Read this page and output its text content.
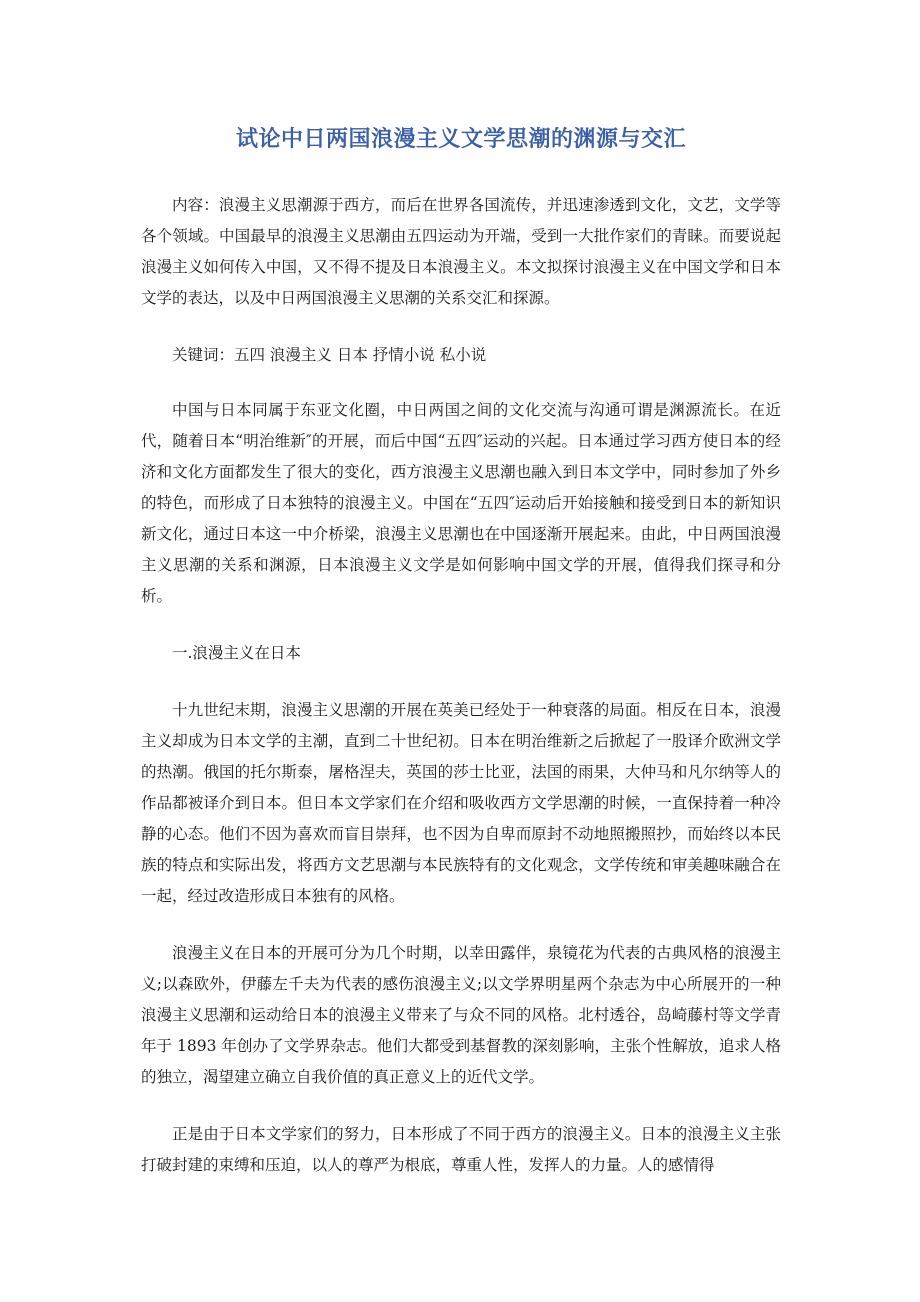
试论中日两国浪漫主义文学思潮的渊源与交汇

内容：浪漫主义思潮源于西方，而后在世界各国流传，并迅速渗透到文化，文艺，文学等各个领域。中国最早的浪漫主义思潮由五四运动为开端，受到一大批作家们的青睐。而要说起浪漫主义如何传入中国，又不得不提及日本浪漫主义。本文拟探讨浪漫主义在中国文学和日本文学的表达，以及中日两国浪漫主义思潮的关系交汇和探源。

关键词：五四 浪漫主义 日本 抒情小说 私小说

中国与日本同属于东亚文化圈，中日两国之间的文化交流与沟通可谓是渊源流长。在近代，随着日本“明治维新″的开展，而后中国“五四″运动的兴起。日本通过学习西方使日本的经济和文化方面都发生了很大的变化，西方浪漫主义思潮也融入到日本文学中，同时参加了外乡的特色，而形成了日本独特的浪漫主义。中国在“五四″运动后开始接触和接受到日本的新知识新文化，通过日本这一中介桥梁，浪漫主义思潮也在中国逐渐开展起来。由此，中日两国浪漫主义思潮的关系和渊源，日本浪漫主义文学是如何影响中国文学的开展，值得我们探寻和分析。

一.浪漫主义在日本

十九世纪末期，浪漫主义思潮的开展在英美已经处于一种衰落的局面。相反在日本，浪漫主义却成为日本文学的主潮，直到二十世纪初。日本在明治维新之后掀起了一股译介欧洲文学的热潮。俄国的托尔斯泰，屠格涅夫，英国的莎士比亚，法国的雨果，大仲马和凡尔纳等人的作品都被译介到日本。但日本文学家们在介绍和吸收西方文学思潮的时候，一直保持着一种冷静的心态。他们不因为喜欢而盲目崇拜，也不因为自卑而原封不动地照搬照抄，而始终以本民族的特点和实际出发，将西方文艺思潮与本民族特有的文化观念，文学传统和审美趣味融合在一起，经过改造形成日本独有的风格。

浪漫主义在日本的开展可分为几个时期，以幸田露伴，泉镜花为代表的古典风格的浪漫主义;以森欧外，伊藤左千夫为代表的感伤浪漫主义;以文学界明星两个杂志为中心所展开的一种浪漫主义思潮和运动给日本的浪漫主义带来了与众不同的风格。北村透谷，岛崎藤村等文学青年于 1893 年创办了文学界杂志。他们大都受到基督教的深刻影响，主张个性解放，追求人格的独立，渴望建立确立自我价值的真正意义上的近代文学。

正是由于日本文学家们的努力，日本形成了不同于西方的浪漫主义。日本的浪漫主义主张打破封建的束缚和压迫，以人的尊严为根底，尊重人性，发挥人的力量。人的感情得
